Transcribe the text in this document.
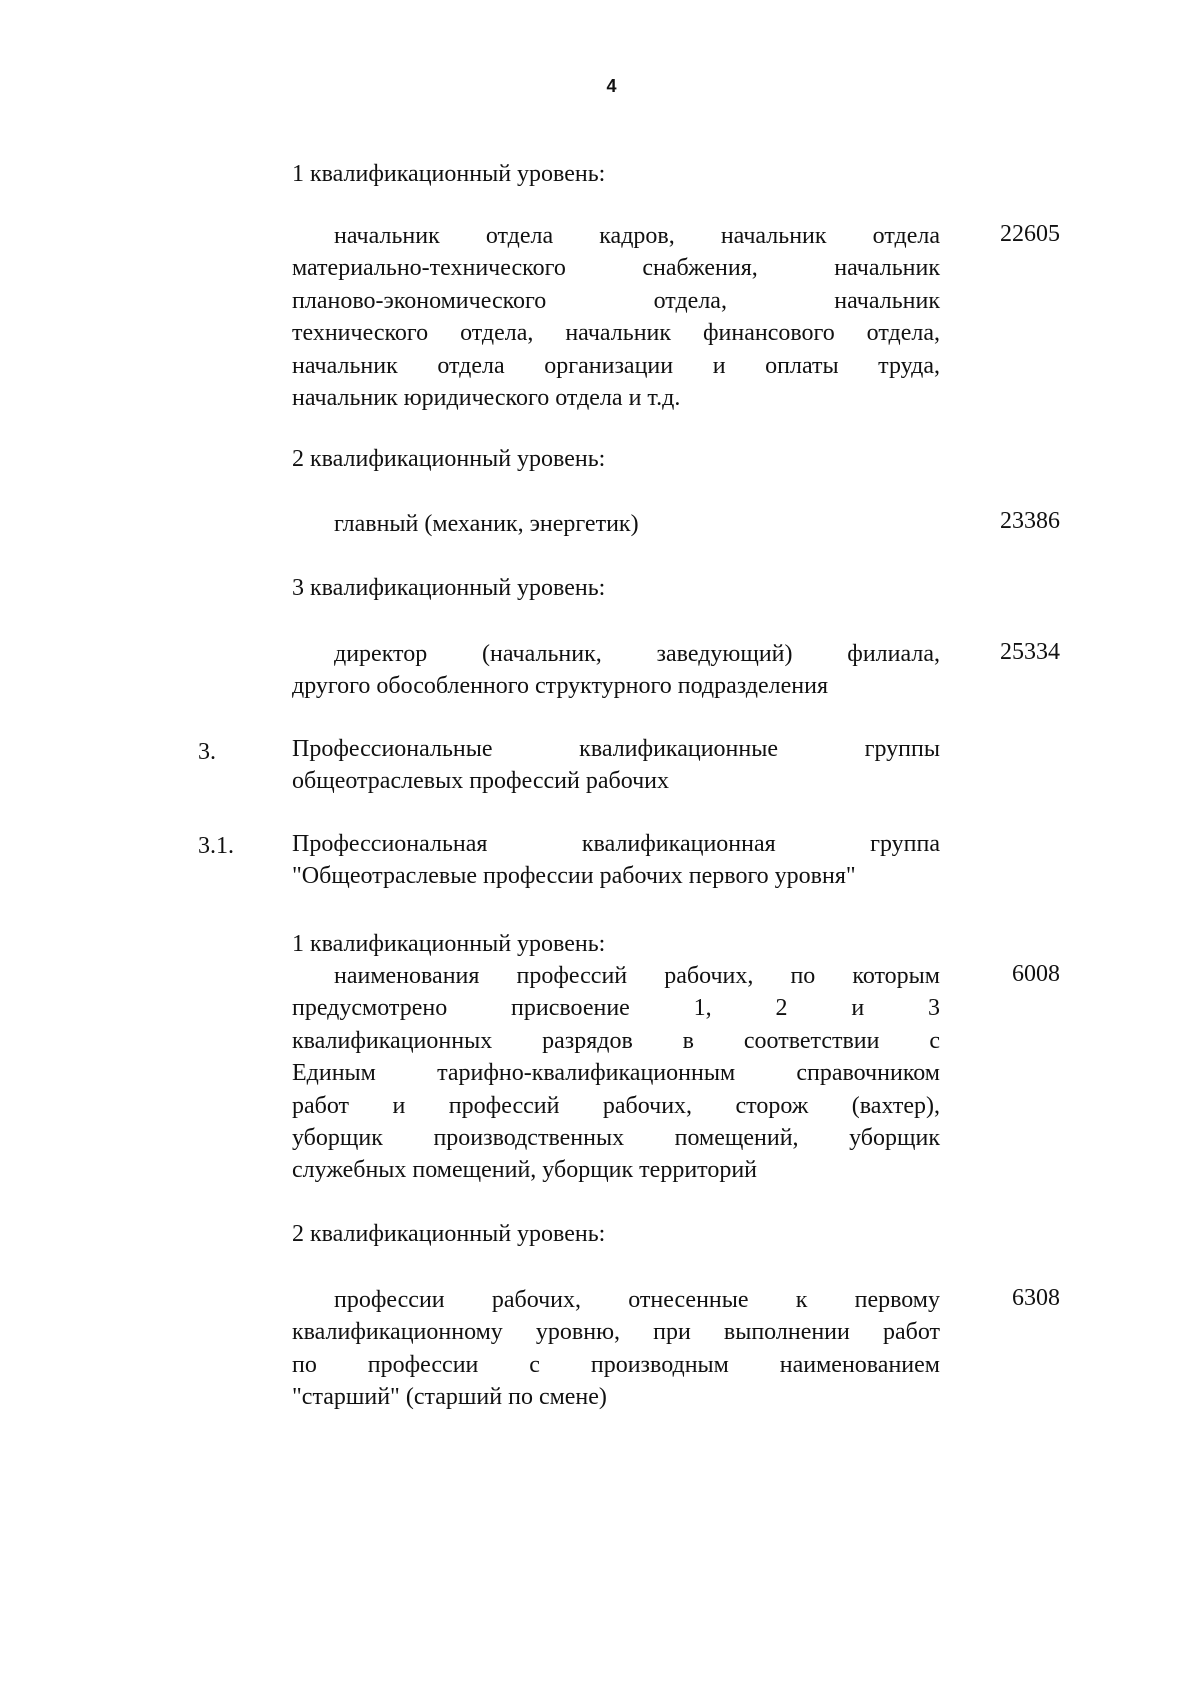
4
1 квалификационный уровень:
начальник отдела кадров, начальник отдела
материально-технического снабжения, начальник
планово-экономического отдела, начальник
технического отдела, начальник финансового отдела,
начальник отдела организации и оплаты труда,
начальник юридического отдела и т.д.
22605
2 квалификационный уровень:
главный (механик, энергетик)	23386
3 квалификационный уровень:
директор (начальник, заведующий) филиала,
другого обособленного структурного подразделения
25334
3.	Профессиональные квалификационные группы
общеотраслевых профессий рабочих
3.1. Профессиональная квалификационная группа
"Общеотраслевые профессии рабочих первого уровня"
1 квалификационный уровень:
наименования профессий рабочих, по которым
предусмотрено присвоение 1, 2 и 3
квалификационных разрядов в соответствии с
Единым тарифно-квалификационным справочником
работ и профессий рабочих, сторож (вахтер),
уборщик производственных помещений, уборщик
служебных помещений, уборщик территорий
6008
2 квалификационный уровень:
профессии рабочих, отнесенные к первому
квалификационному уровню, при выполнении работ
по профессии с производным наименованием
"старший" (старший по смене)
6308
